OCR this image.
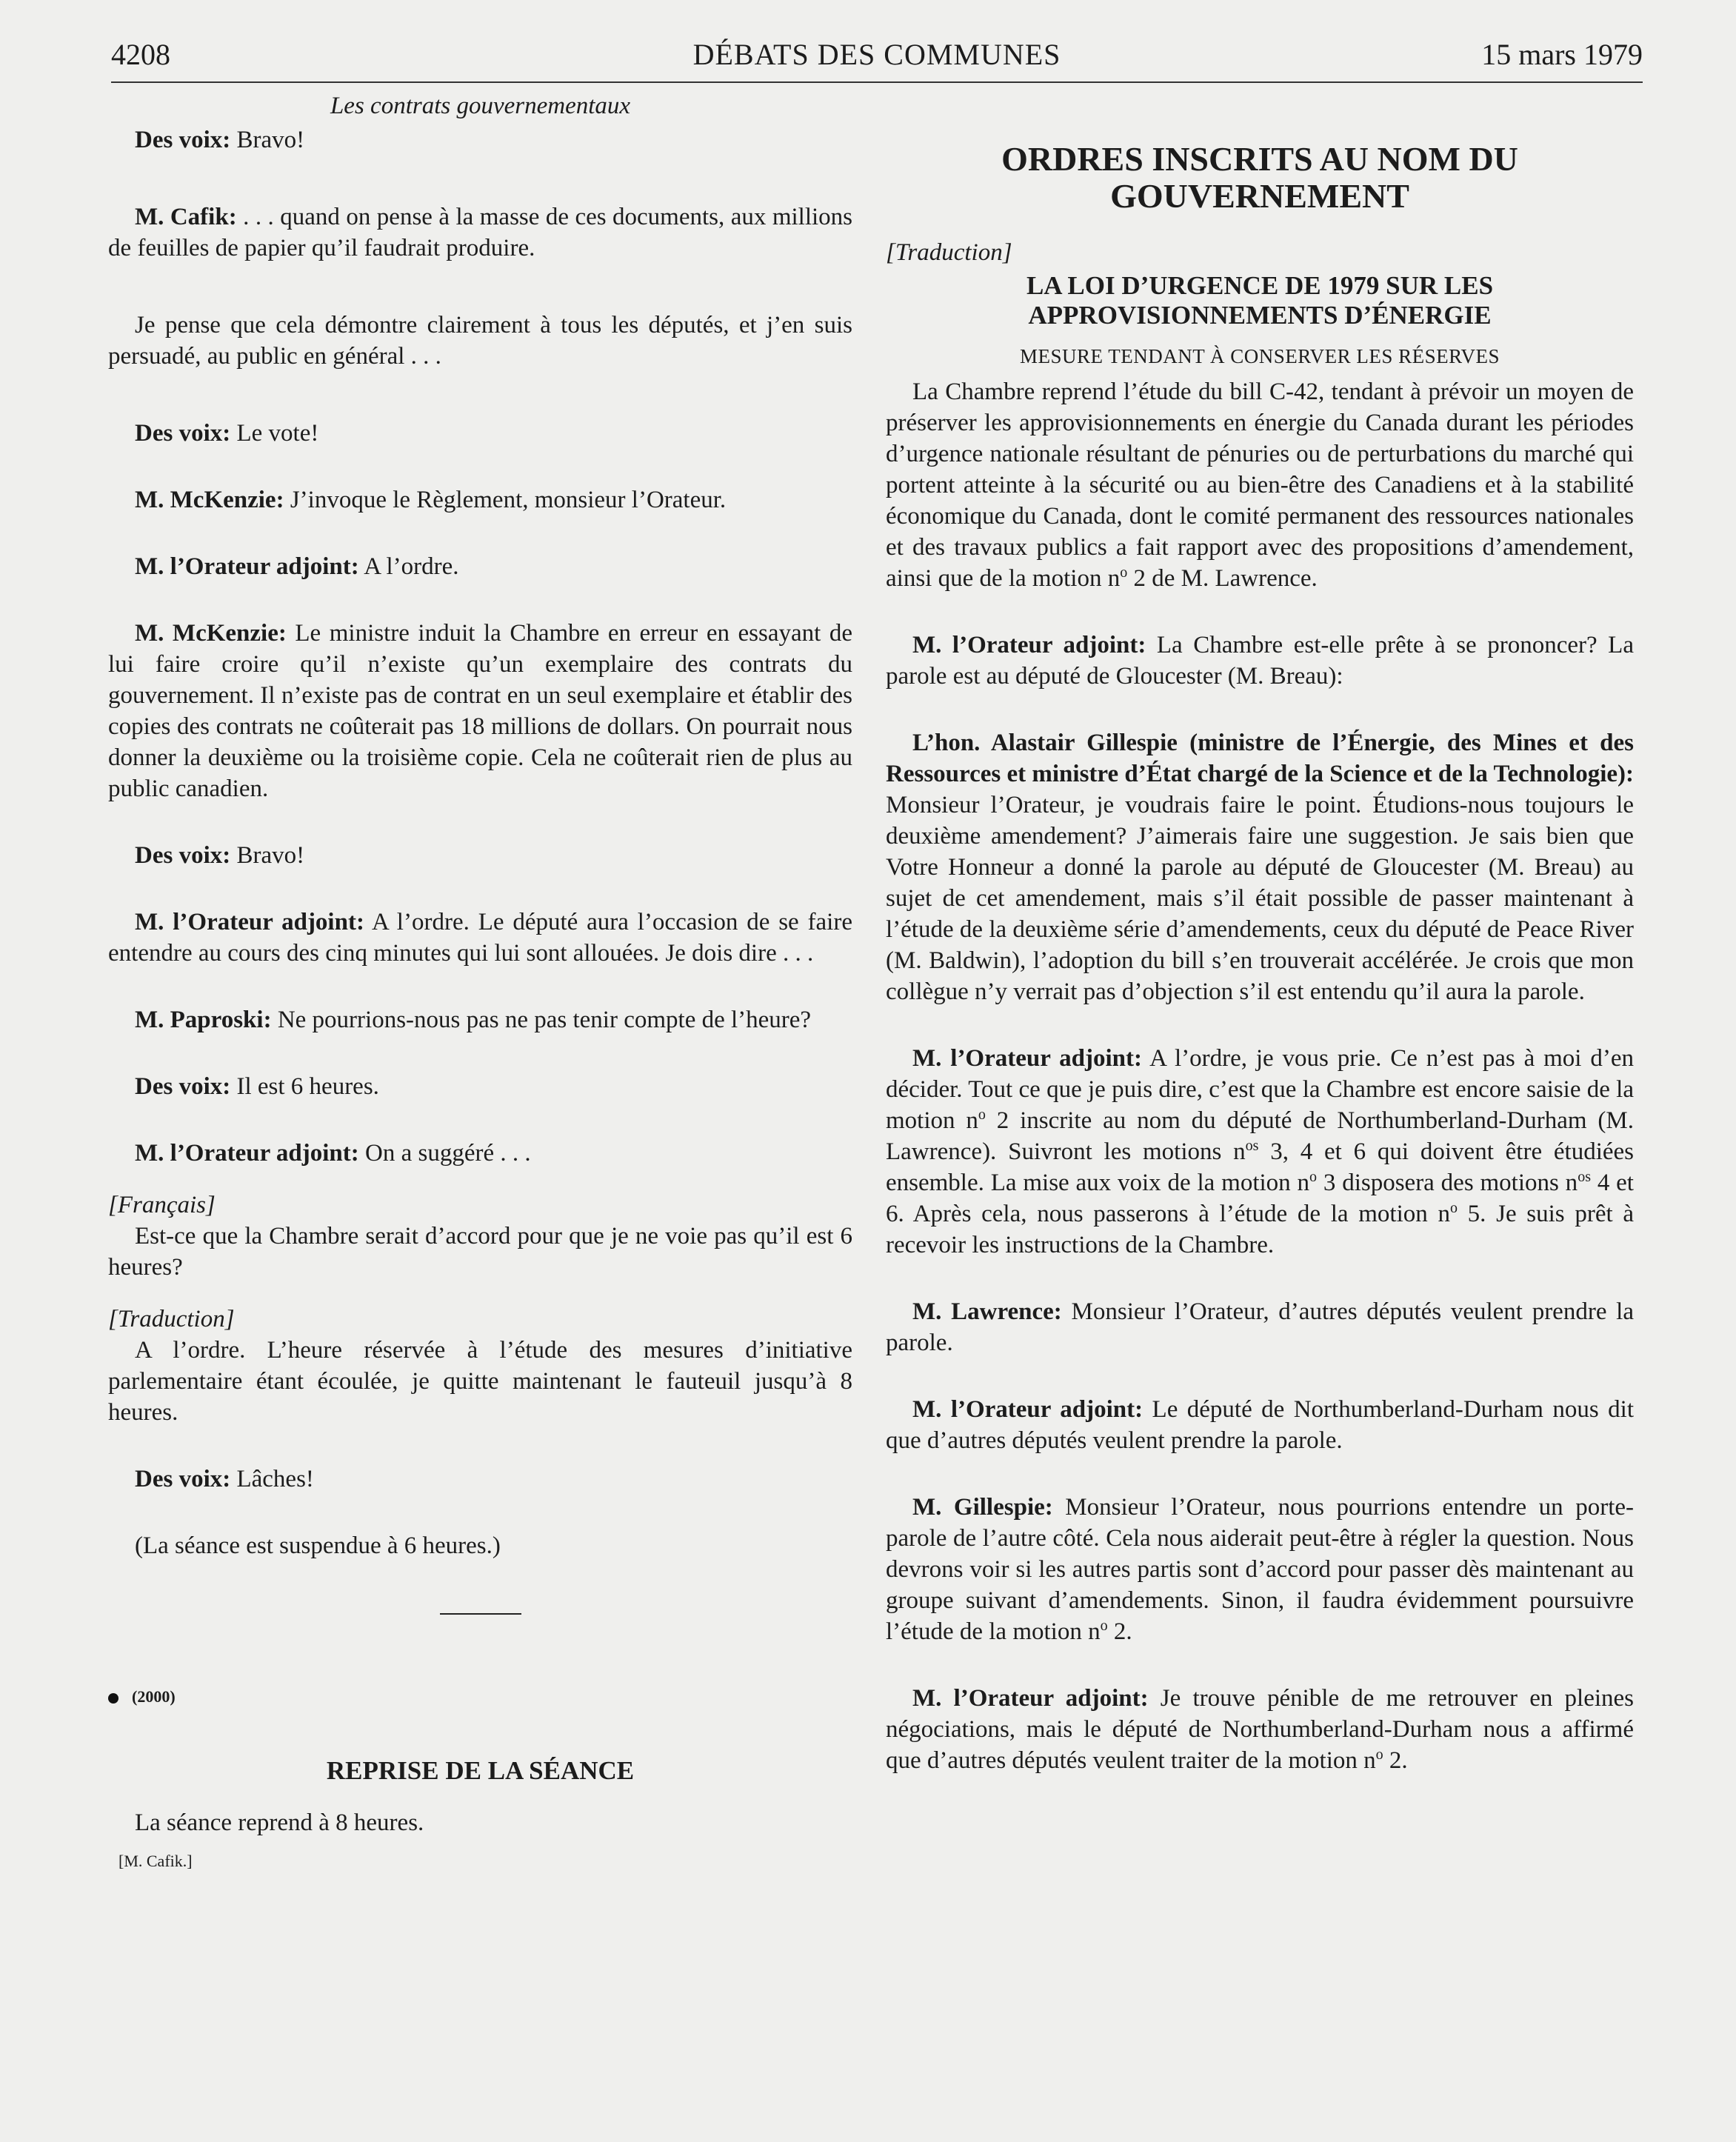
4208	DÉBATS DES COMMUNES	15 mars 1979

Les contrats gouvernementaux

Des voix: Bravo!

M. Cafik: . . . quand on pense à la masse de ces documents, aux millions de feuilles de papier qu’il faudrait produire.

Je pense que cela démontre clairement à tous les députés, et j’en suis persuadé, au public en général . . .

Des voix: Le vote!

M. McKenzie: J’invoque le Règlement, monsieur l’Orateur.

M. l’Orateur adjoint: A l’ordre.

M. McKenzie: Le ministre induit la Chambre en erreur en essayant de lui faire croire qu’il n’existe qu’un exemplaire des contrats du gouvernement. Il n’existe pas de contrat en un seul exemplaire et établir des copies des contrats ne coûterait pas 18 millions de dollars. On pourrait nous donner la deuxième ou la troisième copie. Cela ne coûterait rien de plus au public canadien.

Des voix: Bravo!

M. l’Orateur adjoint: A l’ordre. Le député aura l’occasion de se faire entendre au cours des cinq minutes qui lui sont allouées. Je dois dire . . .

M. Paproski: Ne pourrions-nous pas ne pas tenir compte de l’heure?

Des voix: Il est 6 heures.

M. l’Orateur adjoint: On a suggéré . . .

[Français]

Est-ce que la Chambre serait d’accord pour que je ne voie pas qu’il est 6 heures?

[Traduction]

A l’ordre. L’heure réservée à l’étude des mesures d’initiative parlementaire étant écoulée, je quitte maintenant le fauteuil jusqu’à 8 heures.

Des voix: Lâches!

(La séance est suspendue à 6 heures.)

(2000)

REPRISE DE LA SÉANCE

La séance reprend à 8 heures.

[M. Cafik.]

ORDRES INSCRITS AU NOM DU GOUVERNEMENT

[Traduction]

LA LOI D’URGENCE DE 1979 SUR LES APPROVISIONNEMENTS D’ÉNERGIE

MESURE TENDANT À CONSERVER LES RÉSERVES

La Chambre reprend l’étude du bill C-42, tendant à prévoir un moyen de préserver les approvisionnements en énergie du Canada durant les périodes d’urgence nationale résultant de pénuries ou de perturbations du marché qui portent atteinte à la sécurité ou au bien-être des Canadiens et à la stabilité économique du Canada, dont le comité permanent des ressources nationales et des travaux publics a fait rapport avec des propositions d’amendement, ainsi que de la motion $n^o$ 2 de M. Lawrence.

M. l’Orateur adjoint: La Chambre est-elle prête à se prononcer? La parole est au député de Gloucester (M. Breau):

L’hon. Alastair Gillespie (ministre de l’Énergie, des Mines et des Ressources et ministre d’État chargé de la Science et de la Technologie): Monsieur l’Orateur, je voudrais faire le point. Étudions-nous toujours le deuxième amendement? J’aimerais faire une suggestion. Je sais bien que Votre Honneur a donné la parole au député de Gloucester (M. Breau) au sujet de cet amendement, mais s’il était possible de passer maintenant à l’étude de la deuxième série d’amendements, ceux du député de Peace River (M. Baldwin), l’adoption du bill s’en trouverait accélérée. Je crois que mon collègue n’y verrait pas d’objection s’il est entendu qu’il aura la parole.

M. l’Orateur adjoint: A l’ordre, je vous prie. Ce n’est pas à moi d’en décider. Tout ce que je puis dire, c’est que la Chambre est encore saisie de la motion $n^o$ 2 inscrite au nom du député de Northumberland-Durham (M. Lawrence). Suivront les motions $n^{os}$ 3, 4 et 6 qui doivent être étudiées ensemble. La mise aux voix de la motion $n^o$ 3 disposera des motions $n^{os}$ 4 et 6. Après cela, nous passerons à l’étude de la motion $n^o$ 5. Je suis prêt à recevoir les instructions de la Chambre.

M. Lawrence: Monsieur l’Orateur, d’autres députés veulent prendre la parole.

M. l’Orateur adjoint: Le député de Northumberland-Durham nous dit que d’autres députés veulent prendre la parole.

M. Gillespie: Monsieur l’Orateur, nous pourrions entendre un porte-parole de l’autre côté. Cela nous aiderait peut-être à régler la question. Nous devrons voir si les autres partis sont d’accord pour passer dès maintenant au groupe suivant d’amendements. Sinon, il faudra évidemment poursuivre l’étude de la motion $n^o$ 2.

M. l’Orateur adjoint: Je trouve pénible de me retrouver en pleines négociations, mais le député de Northumberland-Durham nous a affirmé que d’autres députés veulent traiter de la motion $n^o$ 2.
